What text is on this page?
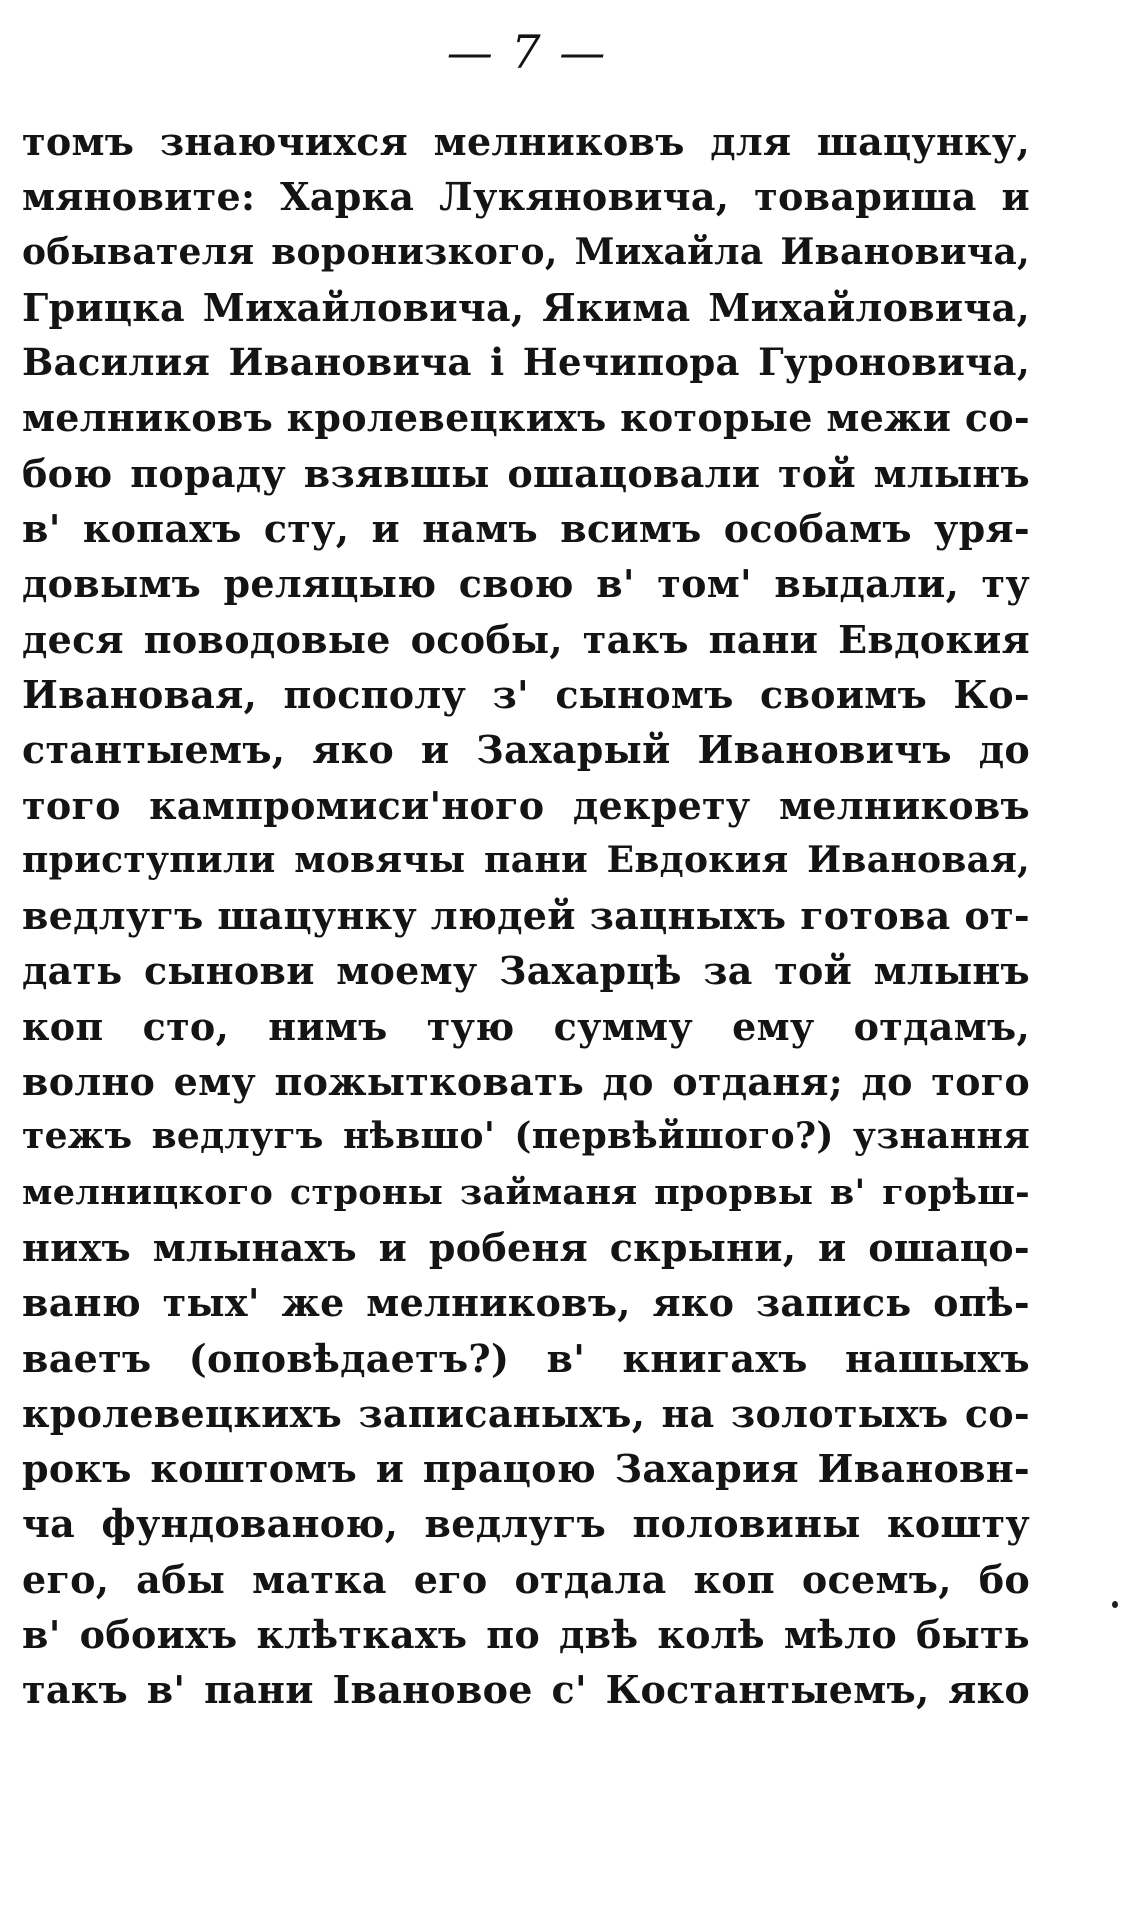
— 7 —
томъ знаючихся мелниковъ для шацунку,
мяновите: Харка Лукяновича, товариша и
обывателя воронизкого, Михайла Ивановича,
Грицка Михайловича, Якима Михайловича,
Василия Ивановича і Нечипора Гуроновича,
мелниковъ кролевецкихъ которые межи со-
бою пораду взявшы ошацовали той млынъ
в' копахъ сту, и намъ всимъ особамъ уря-
довымъ реляцыю свою в' том' выдали, ту
деся поводовые особы, такъ пани Евдокия
Ивановая, посполу з' сыномъ своимъ Ко-
стантыемъ, яко и Захарый Ивановичъ до
того кампромиси'ного декрету мелниковъ
приступили мовячы пани Евдокия Ивановая,
ведлугъ шацунку людей зацныхъ готова от-
дать сынови моему Захарцѣ за той млынъ
коп сто, нимъ тую сумму ему отдамъ,
волно ему пожытковать до отданя; до того
тежъ ведлугъ нѣвшо' (первѣйшого?) узнання
мелницкого строны займаня прорвы в' горѣш-
нихъ млынахъ и робеня скрыни, и ошацо-
ваню тых' же мелниковъ, яко запись опѣ-
ваетъ (оповѣдаетъ?) в' книгахъ нашыхъ
кролевецкихъ записаныхъ, на золотыхъ со-
рокъ коштомъ и працою Захария Ивановн-
ча фундованою, ведлугъ половины кошту
его, абы матка его отдала коп осемъ, бо
в' обоихъ клѣткахъ по двѣ колѣ мѣло быть
такъ в' пани Івановое с' Костантыемъ, яко
